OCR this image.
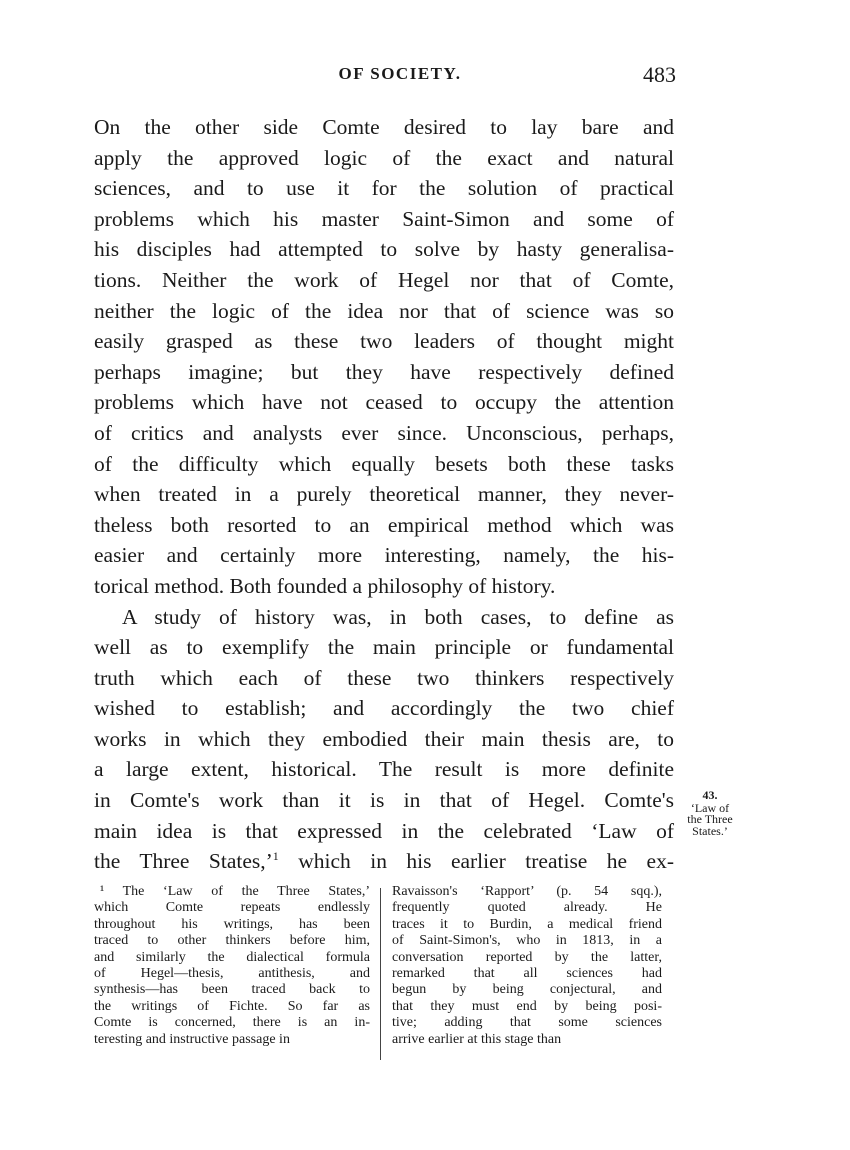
OF SOCIETY.	483
On the other side Comte desired to lay bare and
apply the approved logic of the exact and natural
sciences, and to use it for the solution of practical
problems which his master Saint-Simon and some of
his disciples had attempted to solve by hasty generalisa-
tions. Neither the work of Hegel nor that of Comte,
neither the logic of the idea nor that of science was so
easily grasped as these two leaders of thought might
perhaps imagine; but they have respectively defined
problems which have not ceased to occupy the attention
of critics and analysts ever since. Unconscious, perhaps,
of the difficulty which equally besets both these tasks
when treated in a purely theoretical manner, they never-
theless both resorted to an empirical method which was
easier and certainly more interesting, namely, the his-
torical method. Both founded a philosophy of history.
A study of history was, in both cases, to define as
well as to exemplify the main principle or fundamental
truth which each of these two thinkers respectively
wished to establish; and accordingly the two chief
works in which they embodied their main thesis are, to
a large extent, historical. The result is more definite
in Comte's work than it is in that of Hegel. Comte's
main idea is that expressed in the celebrated ‘Law of
the Three States,’$^1$ which in his earlier treatise he ex-
43.
‘Law of
the Three
States.’
¹ The ‘Law of the Three States,’
which Comte repeats endlessly
throughout his writings, has been
traced to other thinkers before him,
and similarly the dialectical formula
of Hegel—thesis, antithesis, and
synthesis—has been traced back to
the writings of Fichte. So far as
Comte is concerned, there is an in-
teresting and instructive passage in
Ravaisson's ‘Rapport’ (p. 54 sqq.),
frequently quoted already. He
traces it to Burdin, a medical friend
of Saint-Simon's, who in 1813, in a
conversation reported by the latter,
remarked that all sciences had
begun by being conjectural, and
that they must end by being posi-
tive; adding that some sciences
arrive earlier at this stage than
